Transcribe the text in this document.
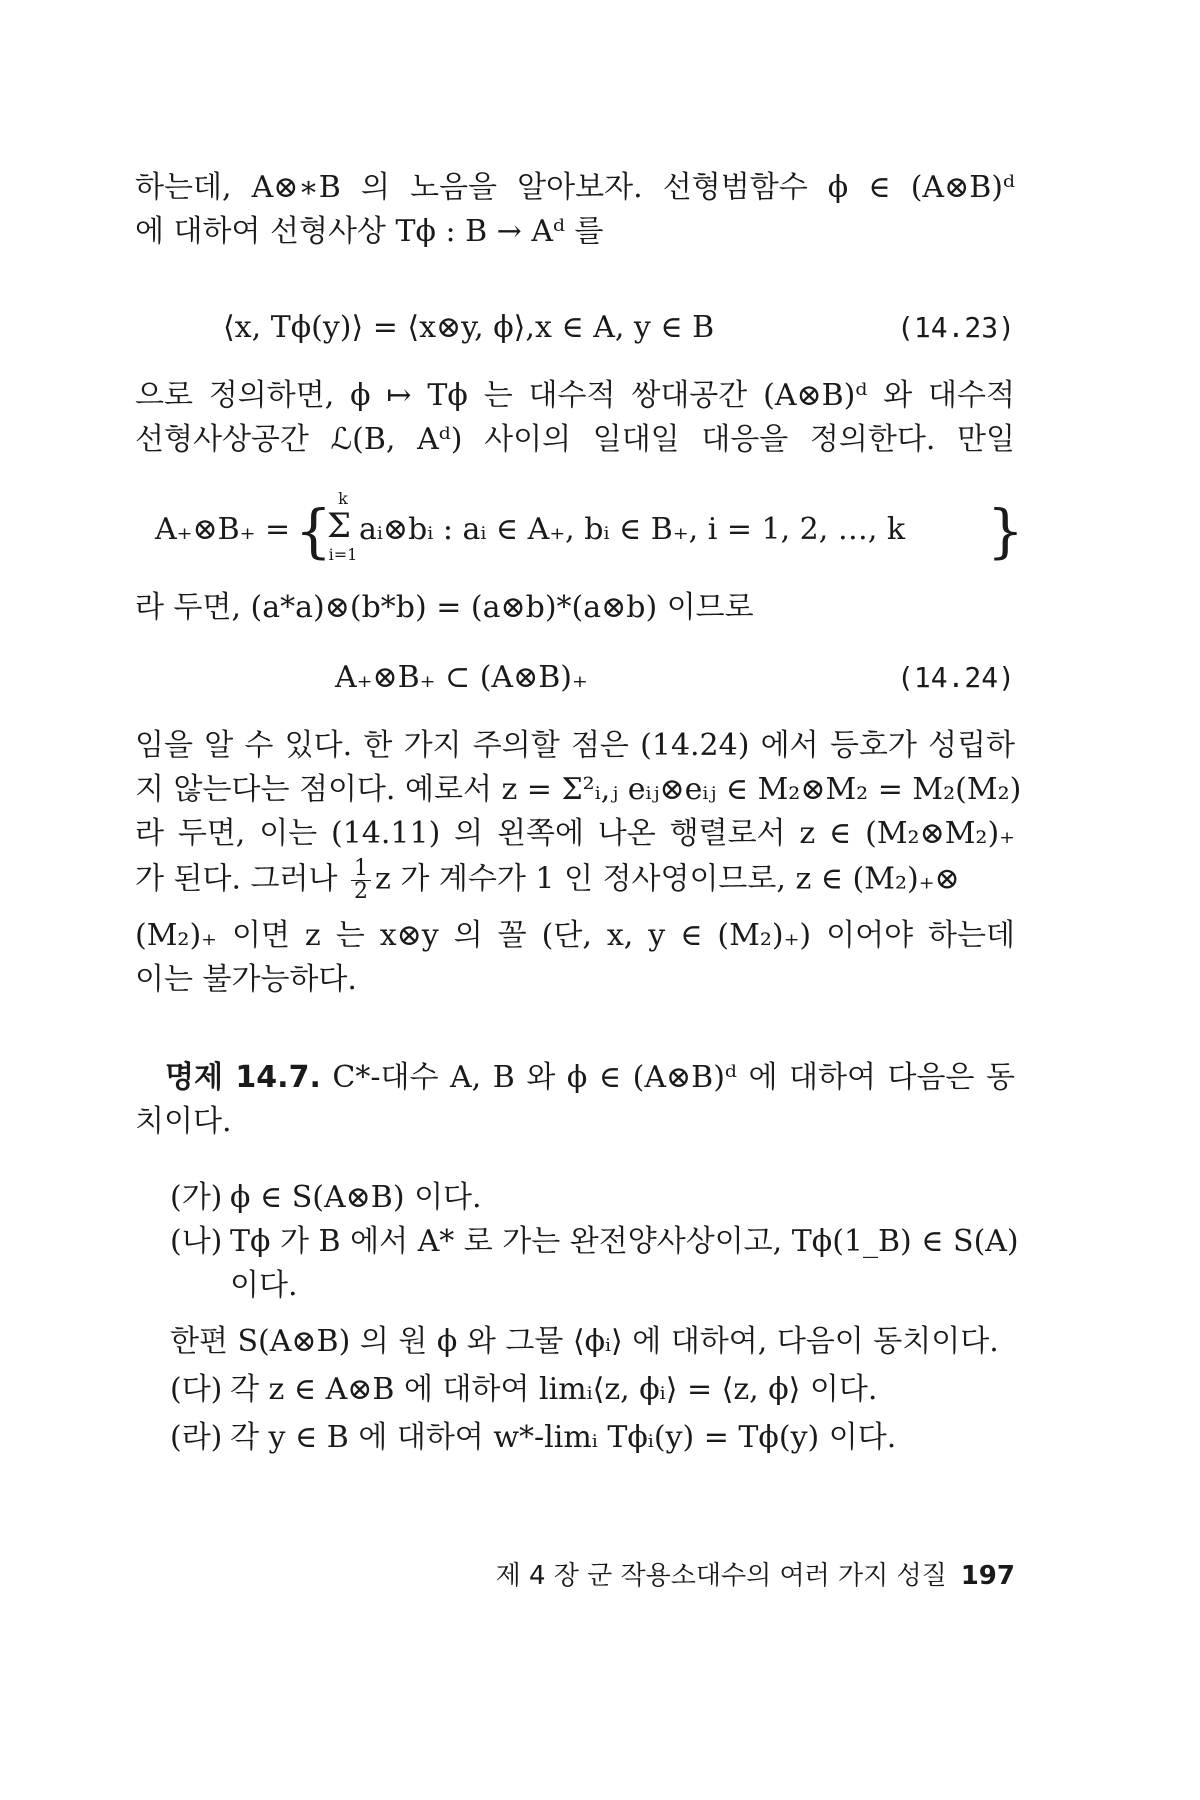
하는데, A⊗∗B 의 노음을 알아보자. 선형범함수 ϕ ∈ (A⊗B)ᵈ
에 대하여 선형사상 Tϕ : B → Aᵈ 를
⟨x, Tϕ(y)⟩ = ⟨x⊗y, ϕ⟩, x ∈ A, y ∈ B	(14.23)
으로 정의하면, ϕ ↦ Tϕ 는 대수적 쌍대공간 (A⊗B)ᵈ 와 대수적
선형사상공간 ℒ(B, Aᵈ) 사이의 일대일 대응을 정의한다. 만일
A₊⊗B₊ = { k
Σ
i=1
aᵢ⊗bᵢ : aᵢ ∈ A₊, bᵢ ∈ B₊, i = 1, 2, …, k }
라 두면, (a*a)⊗(b*b) = (a⊗b)*(a⊗b) 이므로
A₊⊗B₊ ⊂ (A⊗B)₊	(14.24)
임을 알 수 있다. 한 가지 주의할 점은 (14.24) 에서 등호가 성립하
지 않는다는 점이다. 예로서 z = Σ²ᵢ,ⱼ eᵢⱼ⊗eᵢⱼ ∈ M₂⊗M₂ = M₂(M₂)
라 두면, 이는 (14.11) 의 왼쪽에 나온 행렬로서 z ∈ (M₂⊗M₂)₊
가 된다. 그러나 $\frac{1}{2}$ z 가 계수가 1 인 정사영이므로, z ∈ (M₂)₊⊗
(M₂)₊ 이면 z 는 x⊗y 의 꼴 (단, x, y ∈ (M₂)₊) 이어야 하는데
이는 불가능하다.
명제 14.7. C*-대수 A, B 와 ϕ ∈ (A⊗B)ᵈ 에 대하여 다음은 동
치이다.
(가) ϕ ∈ S(A⊗B) 이다.
(나) Tϕ 가 B 에서 A* 로 가는 완전양사상이고, Tϕ(1_B) ∈ S(A)
이다.
한편 S(A⊗B) 의 원 ϕ 와 그물 ⟨ϕᵢ⟩ 에 대하여, 다음이 동치이다.
(다) 각 z ∈ A⊗B 에 대하여 limᵢ⟨z, ϕᵢ⟩ = ⟨z, ϕ⟩ 이다.
(라) 각 y ∈ B 에 대하여 w*-limᵢ Tϕᵢ(y) = Tϕ(y) 이다.
제 4 장 군 작용소대수의 여러 가지 성질 197
